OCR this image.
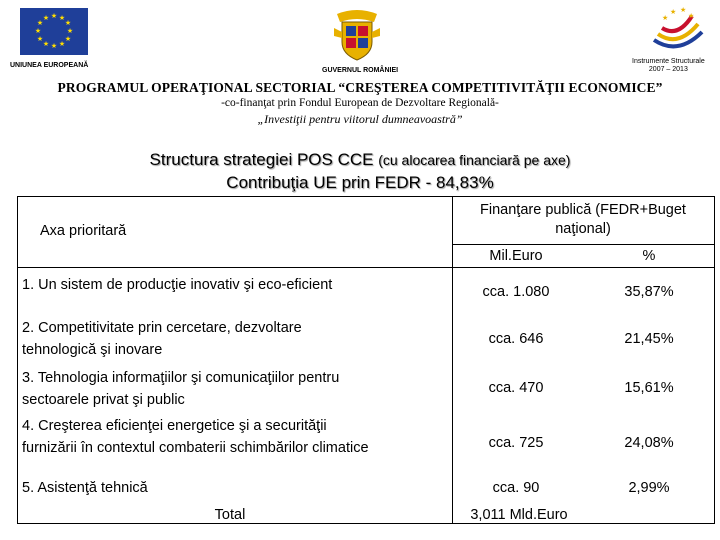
★ ★
★
★
★
★
★
★
★
★
★
★
UNIUNEA EUROPEANĂ
GUVERNUL ROMÂNIEI
★ ★
★
★
Instrumente Structurale
2007 – 2013
PROGRAMUL OPERAŢIONAL SECTORIAL “CREŞTEREA COMPETITIVITĂŢII ECONOMICE”
-co-finanţat prin Fondul European de Dezvoltare Regională-
„Investiţii pentru viitorul dumneavoastră”
Structura strategiei POS CCE (cu alocarea financiară pe axe)
Contribuţia UE prin FEDR - 84,83%
Axa prioritară
Finanţare publică (FEDR+Buget
naţional)
Mil.Euro	%
1. Un sistem de producţie inovativ şi eco-eficient	cca. 1.080	35,87%
2. Competitivitate prin cercetare, dezvoltare
tehnologică şi inovare
cca. 646	21,45%
3. Tehnologia informaţiilor şi comunicaţiilor pentru
sectoarele privat şi public
cca. 470	15,61%
4. Creşterea eficienţei energetice şi a securităţii
furnizării în contextul combaterii schimbărilor climatice	cca. 725	24,08%
5. Asistenţă tehnică	cca. 90	2,99%
Total	3,011 Mld.Euro
